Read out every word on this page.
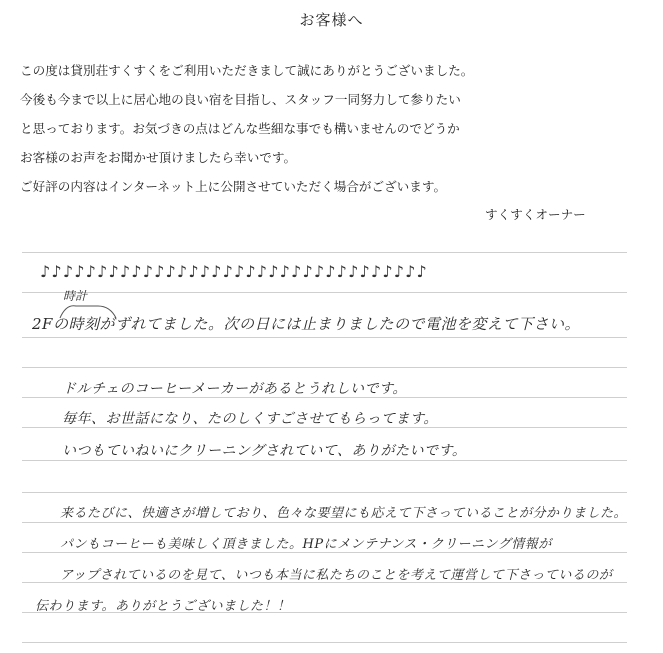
お客様へ
この度は貸別荘すくすくをご利用いただきまして誠にありがとうございました。
今後も今まで以上に居心地の良い宿を目指し、スタッフ一同努力して参りたい
と思っております。お気づきの点はどんな些細な事でも構いませんのでどうか
お客様のお声をお聞かせ頂けましたら幸いです。
ご好評の内容はインターネット上に公開させていただく場合がございます。
すくすくオーナー
♪♪♪♪♪♪♪♪♪♪♪♪♪♪♪♪♪♪♪♪♪♪♪♪♪♪♪♪♪♪♪♪♪♪
時計
2Fの時刻がずれてました。次の日には止まりましたので電池を変えて下さい。
ドルチェのコーヒーメーカーがあるとうれしいです。
毎年、お世話になり、たのしくすごさせてもらってます。
いつもていねいにクリーニングされていて、ありがたいです。
来るたびに、快適さが増しており、色々な要望にも応えて下さっていることが分かりました。
パンもコーヒーも美味しく頂きました。HPにメンテナンス・クリーニング情報が
アップされているのを見て、いつも本当に私たちのことを考えて運営して下さっているのが
伝わります。ありがとうございました！！
